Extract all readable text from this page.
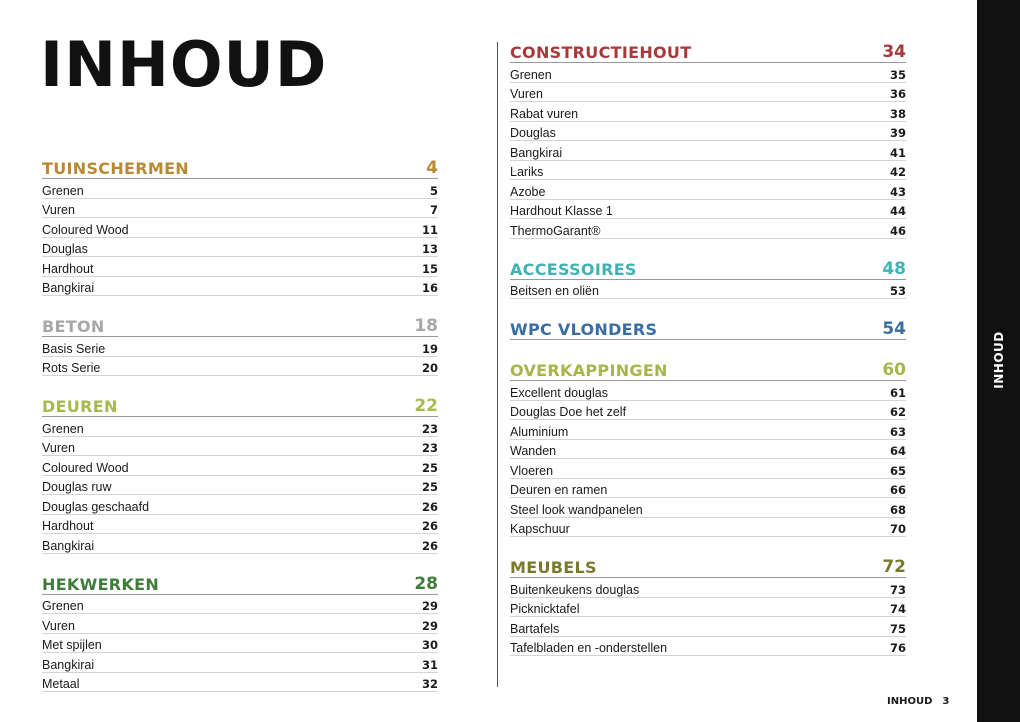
INHOUD
TUINSCHERMEN	4
Grenen	5
Vuren	7
Coloured Wood	11
Douglas	13
Hardhout	15
Bangkirai	16
BETON	18
Basis Serie	19
Rots Serie	20
DEUREN	22
Grenen	23
Vuren	23
Coloured Wood	25
Douglas ruw	25
Douglas geschaafd	26
Hardhout	26
Bangkirai	26
HEKWERKEN	28
Grenen	29
Vuren	29
Met spijlen	30
Bangkirai	31
Metaal	32
CONSTRUCTIEHOUT	34
Grenen	35
Vuren	36
Rabat vuren	38
Douglas	39
Bangkirai	41
Lariks	42
Azobe	43
Hardhout Klasse 1	44
ThermoGarant®	46
ACCESSOIRES	48
Beitsen en oliën	53
WPC VLONDERS	54
OVERKAPPINGEN	60
Excellent douglas	61
Douglas Doe het zelf	62
Aluminium	63
Wanden	64
Vloeren	65
Deuren en ramen	66
Steel look wandpanelen	68
Kapschuur	70
MEUBELS	72
Buitenkeukens douglas	73
Picknicktafel	74
Bartafels	75
Tafelbladen en -onderstellen	76
INHOUD
INHOUD 3
